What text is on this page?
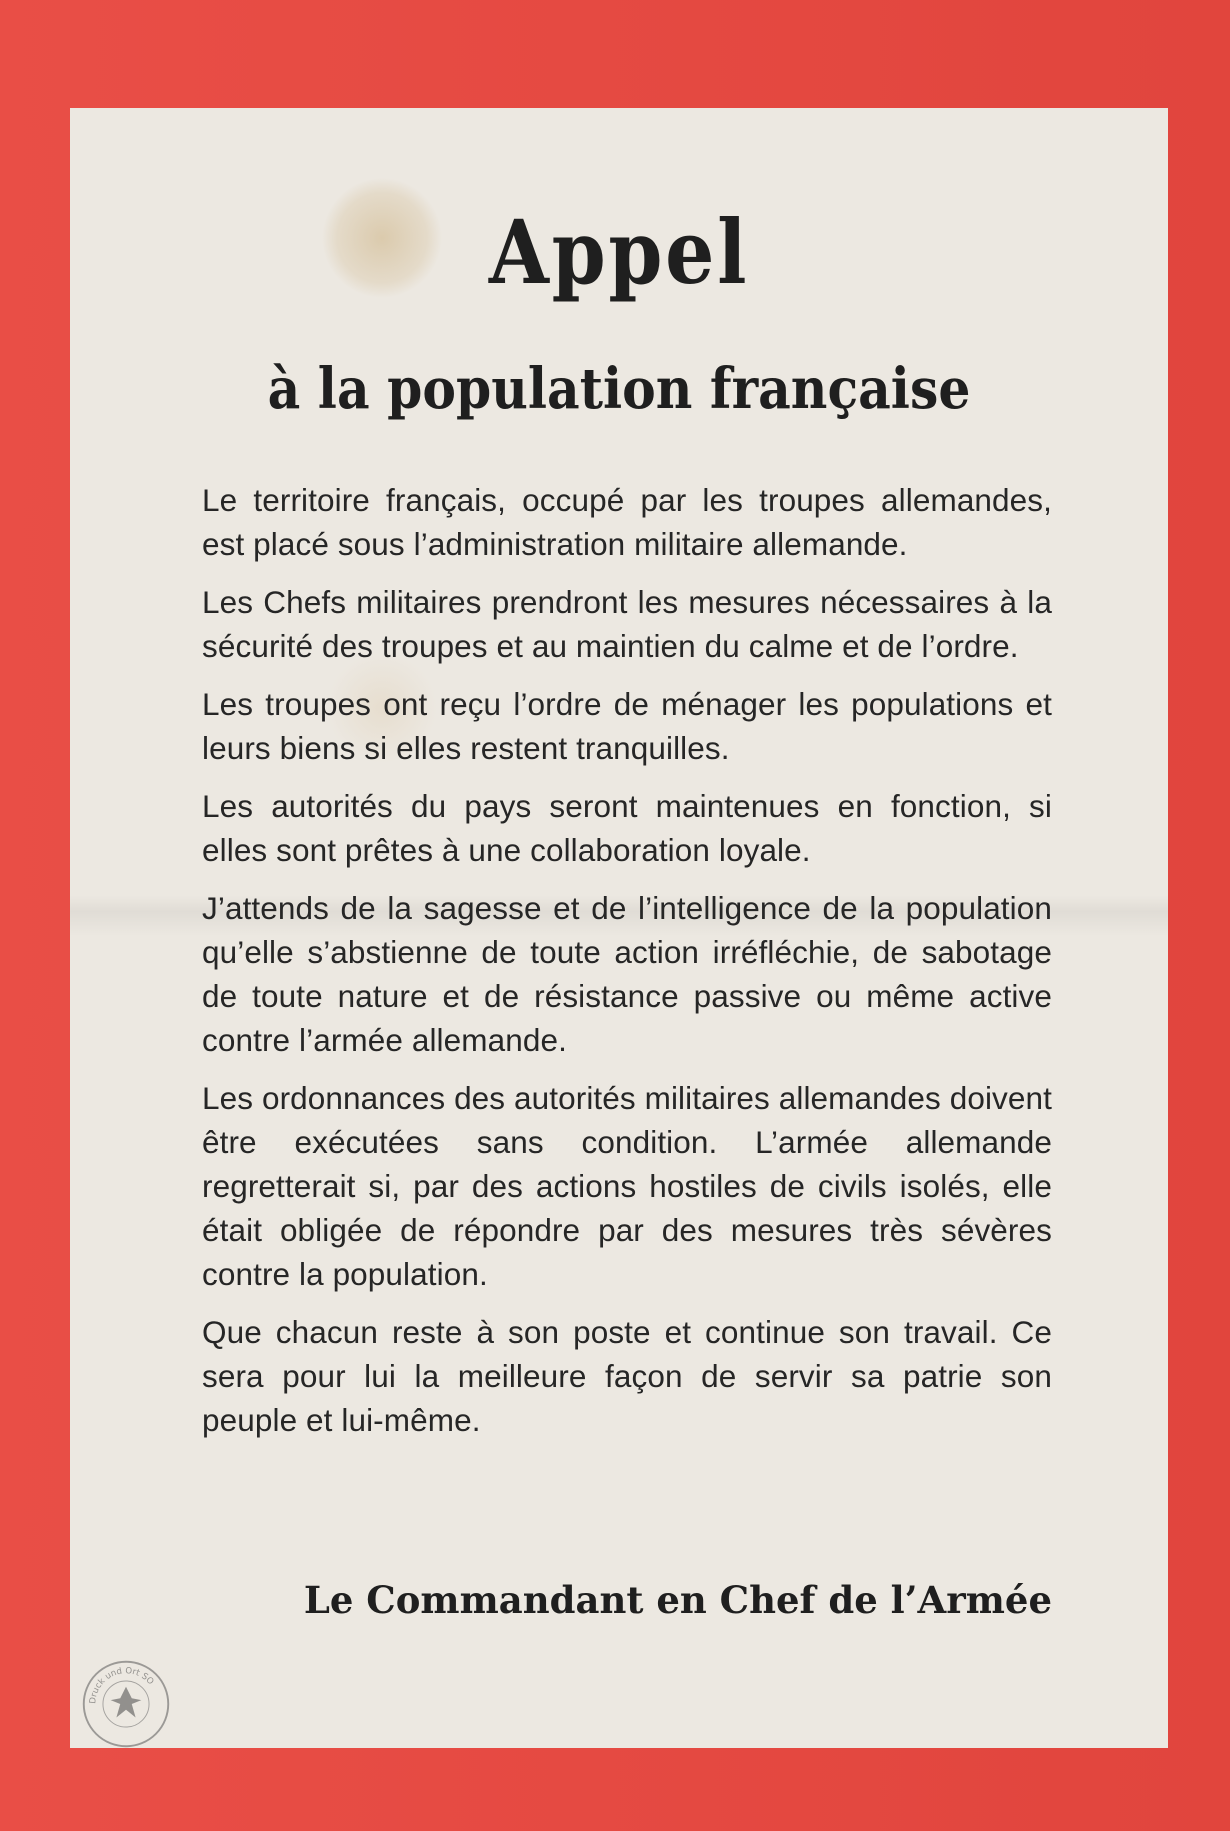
Appel
à la population française

Le territoire français, occupé par les troupes allemandes, est placé sous l’administration militaire allemande.

Les Chefs militaires prendront les mesures nécessaires à la sécurité des troupes et au maintien du calme et de l’ordre.

Les troupes ont reçu l’ordre de ménager les populations et leurs biens si elles restent tranquilles.

Les autorités du pays seront maintenues en fonction, si elles sont prêtes à une collaboration loyale.

J’attends de la sagesse et de l’intelligence de la population qu’elle s’abstienne de toute action irréfléchie, de sabotage de toute nature et de résistance passive ou même active contre l’armée allemande.

Les ordonnances des autorités militaires allemandes doivent être exécutées sans condition. L’armée allemande regretterait si, par des actions hostiles de civils isolés, elle était obligée de répondre par des mesures très sévères contre la population.

Que chacun reste à son poste et continue son travail. Ce sera pour lui la meilleure façon de servir sa patrie son peuple et lui-même.

Le Commandant en Chef de l’Armée
Druck und Ort SO
